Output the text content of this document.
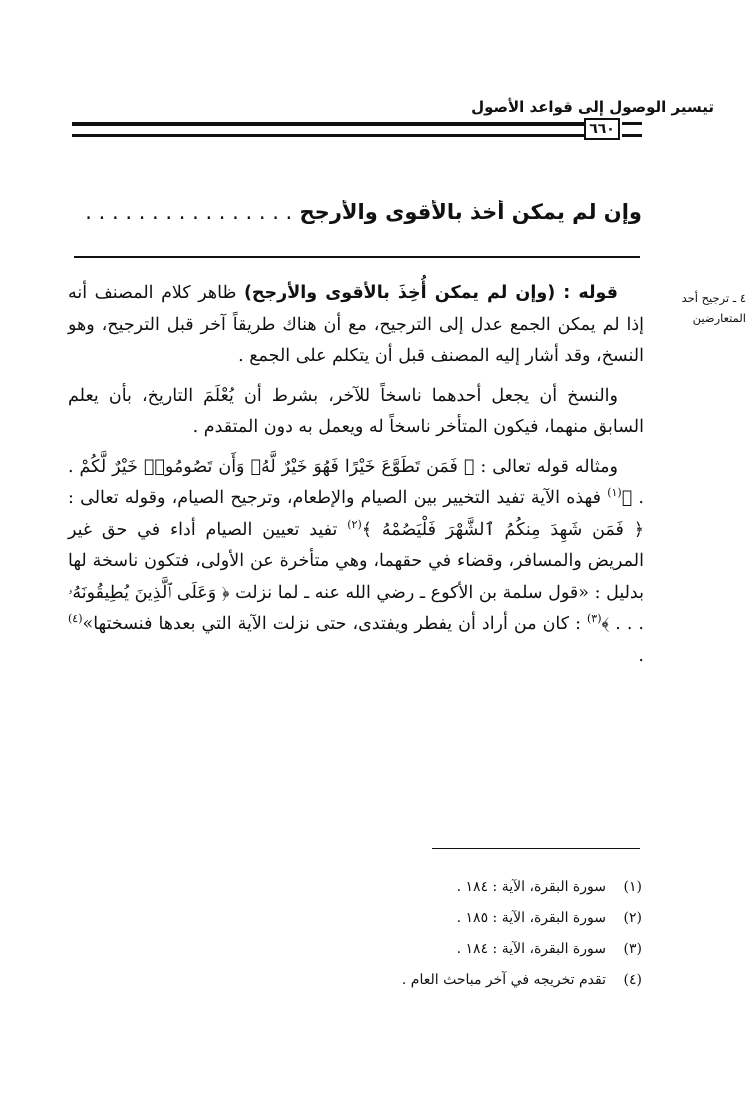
تيسير الوصول إلى قواعد الأصول
٦٦٠
وإن لم يمكن أخذ بالأقوى والأرجح . . . . . . . . . . . . . . . .
٤ ـ ترجيح أحد المتعارضين

قوله : (وإن لم يمكن أُخِذَ بالأقوى والأرجح) ظاهر كلام المصنف أنه إذا لم يمكن الجمع عدل إلى الترجيح، مع أن هناك طريقاً آخر قبل الترجيح، وهو النسخ، وقد أشار إليه المصنف قبل أن يتكلم على الجمع .

والنسخ أن يجعل أحدهما ناسخاً للآخر، بشرط أن يُعْلَمَ التاريخ، بأن يعلم السابق منهما، فيكون المتأخر ناسخاً له ويعمل به دون المتقدم .

ومثاله قوله تعالى : ﴿ فَمَن تَطَوَّعَ خَيْرًا فَهُوَ خَيْرٌ لَّهُۥ وَأَن تَصُومُوا۟ خَيْرٌ لَّكُمْ . . ﴾$^{(١)}$ فهذه الآية تفيد التخيير بين الصيام والإطعام، وترجيح الصيام، وقوله تعالى : ﴿ فَمَن شَهِدَ مِنكُمُ ٱلشَّهْرَ فَلْيَصُمْهُ ﴾$^{(٢)}$ تفيد تعيين الصيام أداء في حق غير المريض والمسافر، وقضاء في حقهما، وهي متأخرة عن الأولى، فتكون ناسخة لها بدليل : «قول سلمة بن الأكوع ـ رضي الله عنه ـ لما نزلت ﴿ وَعَلَى ٱلَّذِينَ يُطِيقُونَهُۥ . . . ﴾$^{(٣)}$ : كان من أراد أن يفطر ويفتدى، حتى نزلت الآية التي بعدها فنسختها»$^{(٤)}$ .

(١)
سورة البقرة، الآية : ١٨٤ .
(٢)
سورة البقرة، الآية : ١٨٥ .
(٣)
سورة البقرة، الآية : ١٨٤ .
(٤)
تقدم تخريجه في آخر مباحث العام .
